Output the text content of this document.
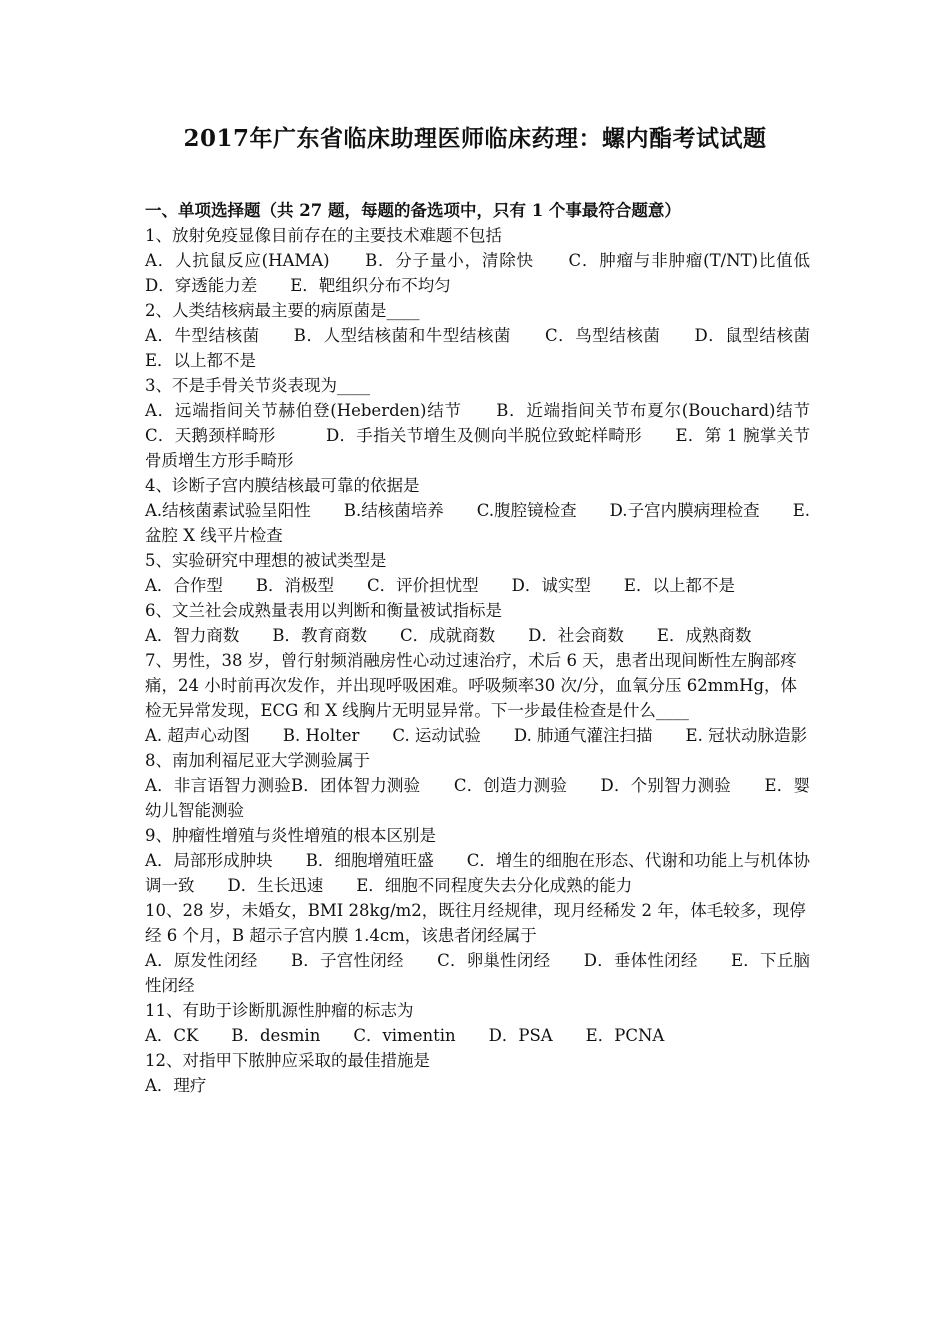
2017年广东省临床助理医师临床药理：螺内酯考试试题

一、单项选择题（共 27 题，每题的备选项中，只有 1 个事最符合题意）

1、放射免疫显像目前存在的主要技术难题不包括

A．人抗鼠反应(HAMA)　　B．分子量小，清除快　　C．肿瘤与非肿瘤(T/NT)比值低　　D．穿透能力差　　E．靶组织分布不均匀

2、人类结核病最主要的病原菌是____

A．牛型结核菌　　B．人型结核菌和牛型结核菌　　C．鸟型结核菌　　D．鼠型结核菌　　　E．以上都不是

3、不是手骨关节炎表现为____

A．远端指间关节赫伯登(Heberden)结节　　B．近端指间关节布夏尔(Bouchard)结节　　C．天鹅颈样畸形　　　D．手指关节增生及侧向半脱位致蛇样畸形　　E．第 1 腕掌关节骨质增生方形手畸形

4、诊断子宫内膜结核最可靠的依据是

A.结核菌素试验呈阳性　　B.结核菌培养　　C.腹腔镜检查　　D.子宫内膜病理检查　　E.盆腔 X 线平片检查

5、实验研究中理想的被试类型是

A．合作型　　B．消极型　　C．评价担忧型　　D．诚实型　　E．以上都不是

6、文兰社会成熟量表用以判断和衡量被试指标是

A．智力商数　　B．教育商数　　C．成就商数　　D．社会商数　　E．成熟商数

7、男性，38 岁，曾行射频消融房性心动过速治疗，术后 6 天，患者出现间断性左胸部疼痛，24 小时前再次发作，并出现呼吸困难。呼吸频率30 次/分，血氧分压 62mmHg，体检无异常发现，ECG 和 X 线胸片无明显异常。下一步最佳检查是什么____

A. 超声心动图　　B. Holter　　C. 运动试验　　D. 肺通气灌注扫描　　E. 冠状动脉造影

8、南加利福尼亚大学测验属于

A．非言语智力测验B．团体智力测验　　C．创造力测验　　D．个别智力测验　　E．婴幼儿智能测验

9、肿瘤性增殖与炎性增殖的根本区别是

A．局部形成肿块　　B．细胞增殖旺盛　　C．增生的细胞在形态、代谢和功能上与机体协调一致　　D．生长迅速　　E．细胞不同程度失去分化成熟的能力

10、28 岁，未婚女，BMI 28kg/m2，既往月经规律，现月经稀发 2 年，体毛较多，现停经 6 个月，B 超示子宫内膜 1.4cm，该患者闭经属于

A．原发性闭经　　B．子宫性闭经　　C．卵巢性闭经　　D．垂体性闭经　　E．下丘脑性闭经

11、有助于诊断肌源性肿瘤的标志为

A．CK　　B．desmin　　C．vimentin　　D．PSA　　E．PCNA

12、对指甲下脓肿应采取的最佳措施是

A．理疗
